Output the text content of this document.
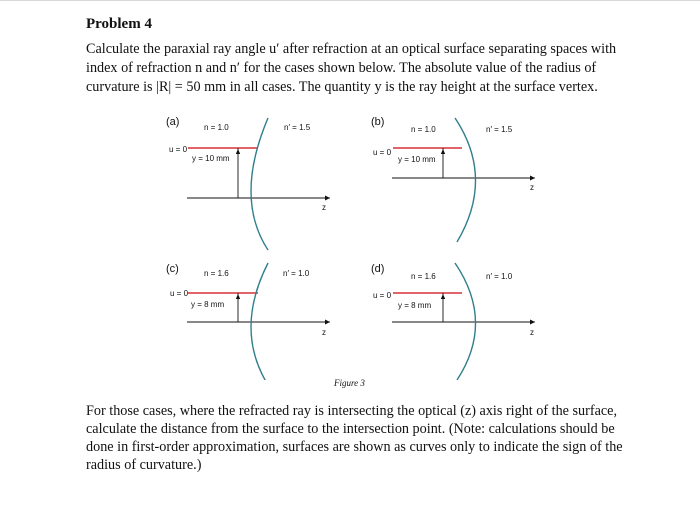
Problem 4
Calculate the paraxial ray angle u′ after refraction at an optical surface separating spaces with
index of refraction n and n′ for the cases shown below. The absolute value of the radius of
curvature is |R| = 50 mm in all cases. The quantity y is the ray height at the surface vertex.
(a)	n = 1.0	n′ = 1.5
u = 0
y = 10 mm
z
(b)
n = 1.0	n′ = 1.5
u = 0
y = 10 mm
z
(c)	n = 1.6	n′ = 1.0
u = 0
y = 8 mm
z
(d)
n = 1.6	n′ = 1.0
u = 0
y = 8 mm
z
Figure 3
For those cases, where the refracted ray is intersecting the optical (z) axis right of the surface,
calculate the distance from the surface to the intersection point. (Note: calculations should be
done in first-order approximation, surfaces are shown as curves only to indicate the sign of the
radius of curvature.)
